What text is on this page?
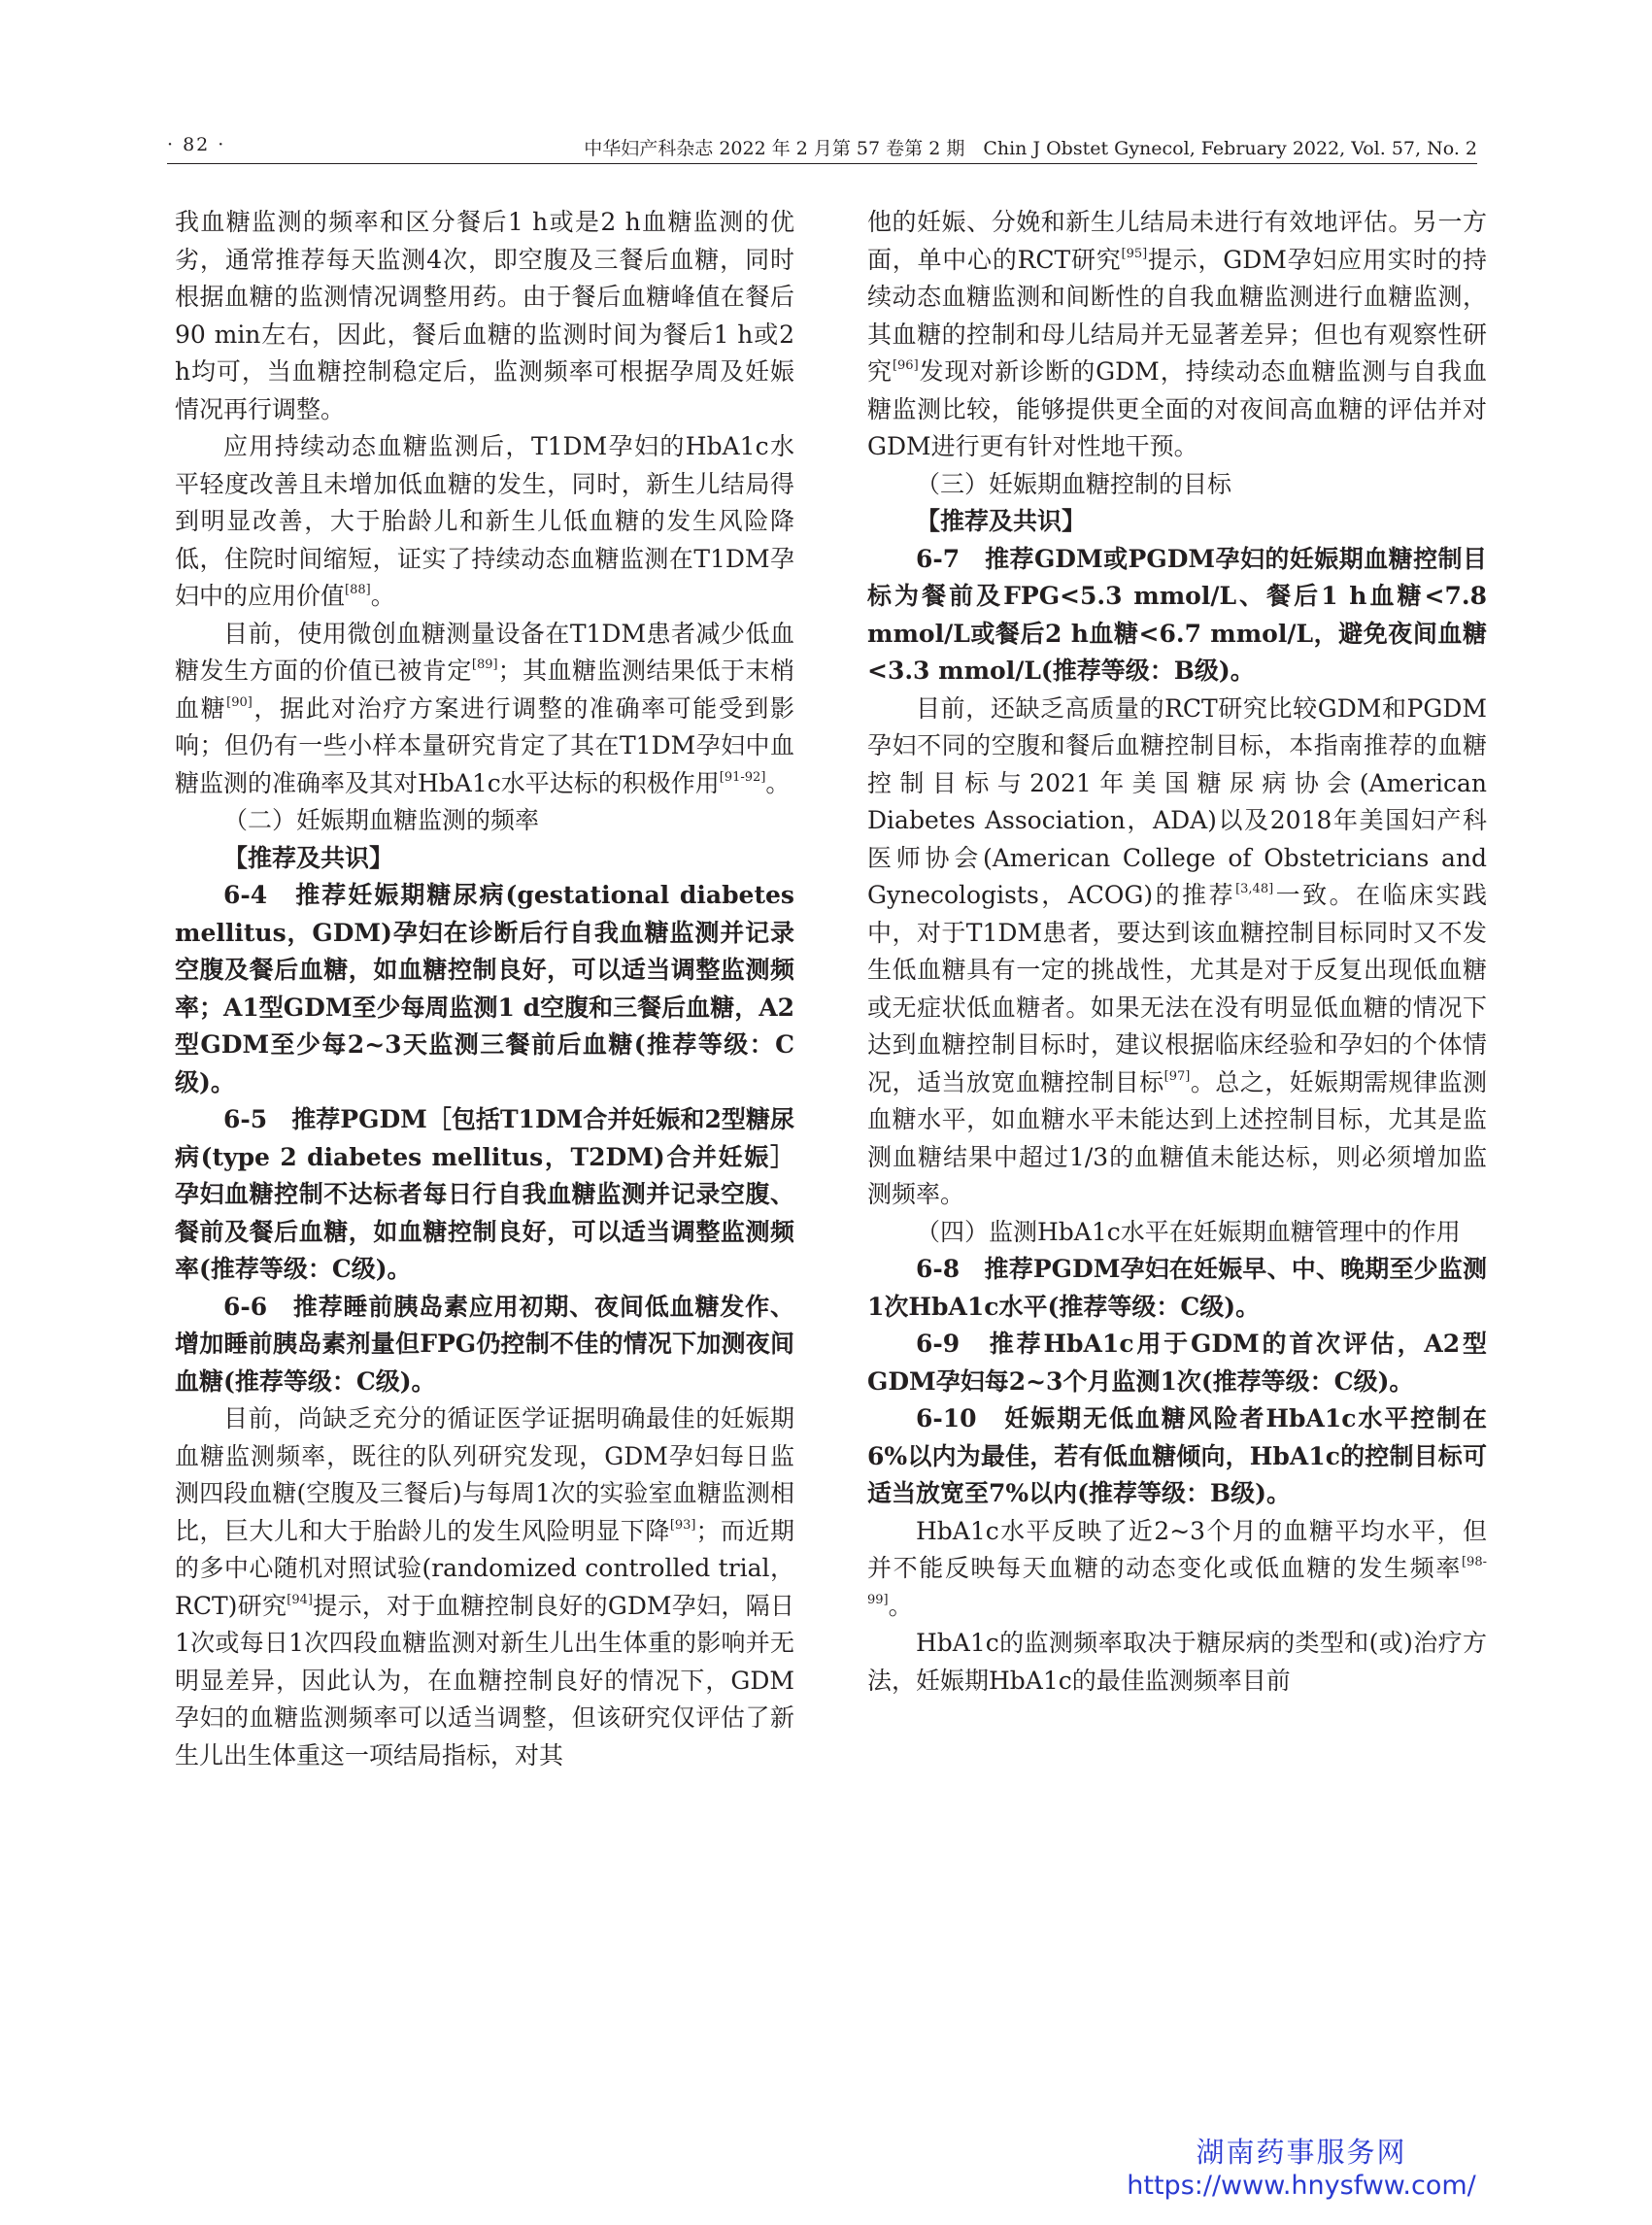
· 82 ·	中华妇产科杂志 2022 年 2 月第 57 卷第 2 期　Chin J Obstet Gynecol, February 2022, Vol. 57, No. 2

我血糖监测的频率和区分餐后1 h或是2 h血糖监测的优劣，通常推荐每天监测4次，即空腹及三餐后血糖，同时根据血糖的监测情况调整用药。由于餐后血糖峰值在餐后90 min左右，因此，餐后血糖的监测时间为餐后1 h或2 h均可，当血糖控制稳定后，监测频率可根据孕周及妊娠情况再行调整。

应用持续动态血糖监测后，T1DM孕妇的HbA1c水平轻度改善且未增加低血糖的发生，同时，新生儿结局得到明显改善，大于胎龄儿和新生儿低血糖的发生风险降低，住院时间缩短，证实了持续动态血糖监测在T1DM孕妇中的应用价值[88]。

目前，使用微创血糖测量设备在T1DM患者减少低血糖发生方面的价值已被肯定[89]；其血糖监测结果低于末梢血糖[90]，据此对治疗方案进行调整的准确率可能受到影响；但仍有一些小样本量研究肯定了其在T1DM孕妇中血糖监测的准确率及其对HbA1c水平达标的积极作用[91-92]。

（二）妊娠期血糖监测的频率

【推荐及共识】

6-4　推荐妊娠期糖尿病(gestational diabetes mellitus，GDM)孕妇在诊断后行自我血糖监测并记录空腹及餐后血糖，如血糖控制良好，可以适当调整监测频率；A1型GDM至少每周监测1 d空腹和三餐后血糖，A2型GDM至少每2~3天监测三餐前后血糖(推荐等级：C级)。

6-5　推荐PGDM［包括T1DM合并妊娠和2型糖尿病(type 2 diabetes mellitus，T2DM)合并妊娠］孕妇血糖控制不达标者每日行自我血糖监测并记录空腹、餐前及餐后血糖，如血糖控制良好，可以适当调整监测频率(推荐等级：C级)。

6-6　推荐睡前胰岛素应用初期、夜间低血糖发作、增加睡前胰岛素剂量但FPG仍控制不佳的情况下加测夜间血糖(推荐等级：C级)。

目前，尚缺乏充分的循证医学证据明确最佳的妊娠期血糖监测频率，既往的队列研究发现，GDM孕妇每日监测四段血糖(空腹及三餐后)与每周1次的实验室血糖监测相比，巨大儿和大于胎龄儿的发生风险明显下降[93]；而近期的多中心随机对照试验(randomized controlled trial，RCT)研究[94]提示，对于血糖控制良好的GDM孕妇，隔日1次或每日1次四段血糖监测对新生儿出生体重的影响并无明显差异，因此认为，在血糖控制良好的情况下，GDM孕妇的血糖监测频率可以适当调整，但该研究仅评估了新生儿出生体重这一项结局指标，对其

他的妊娠、分娩和新生儿结局未进行有效地评估。另一方面，单中心的RCT研究[95]提示，GDM孕妇应用实时的持续动态血糖监测和间断性的自我血糖监测进行血糖监测，其血糖的控制和母儿结局并无显著差异；但也有观察性研究[96]发现对新诊断的GDM，持续动态血糖监测与自我血糖监测比较，能够提供更全面的对夜间高血糖的评估并对GDM进行更有针对性地干预。

（三）妊娠期血糖控制的目标

【推荐及共识】

6-7　推荐GDM或PGDM孕妇的妊娠期血糖控制目标为餐前及FPG<5.3 mmol/L、餐后1 h血糖<7.8 mmol/L或餐后2 h血糖<6.7 mmol/L，避免夜间血糖<3.3 mmol/L(推荐等级：B级)。

目前，还缺乏高质量的RCT研究比较GDM和PGDM孕妇不同的空腹和餐后血糖控制目标，本指南推荐的血糖控制目标与2021年美国糖尿病协会(American Diabetes Association，ADA)以及2018年美国妇产科医师协会(American College of Obstetricians and Gynecologists，ACOG)的推荐[3,48]一致。在临床实践中，对于T1DM患者，要达到该血糖控制目标同时又不发生低血糖具有一定的挑战性，尤其是对于反复出现低血糖或无症状低血糖者。如果无法在没有明显低血糖的情况下达到血糖控制目标时，建议根据临床经验和孕妇的个体情况，适当放宽血糖控制目标[97]。总之，妊娠期需规律监测血糖水平，如血糖水平未能达到上述控制目标，尤其是监测血糖结果中超过1/3的血糖值未能达标，则必须增加监测频率。

（四）监测HbA1c水平在妊娠期血糖管理中的作用

6-8　推荐PGDM孕妇在妊娠早、中、晚期至少监测1次HbA1c水平(推荐等级：C级)。

6-9　推荐HbA1c用于GDM的首次评估，A2型GDM孕妇每2~3个月监测1次(推荐等级：C级)。

6-10　妊娠期无低血糖风险者HbA1c水平控制在6%以内为最佳，若有低血糖倾向，HbA1c的控制目标可适当放宽至7%以内(推荐等级：B级)。

HbA1c水平反映了近2~3个月的血糖平均水平，但并不能反映每天血糖的动态变化或低血糖的发生频率[98-99]。

HbA1c的监测频率取决于糖尿病的类型和(或)治疗方法，妊娠期HbA1c的最佳监测频率目前

湖南药事服务网
https://www.hnysfww.com/
